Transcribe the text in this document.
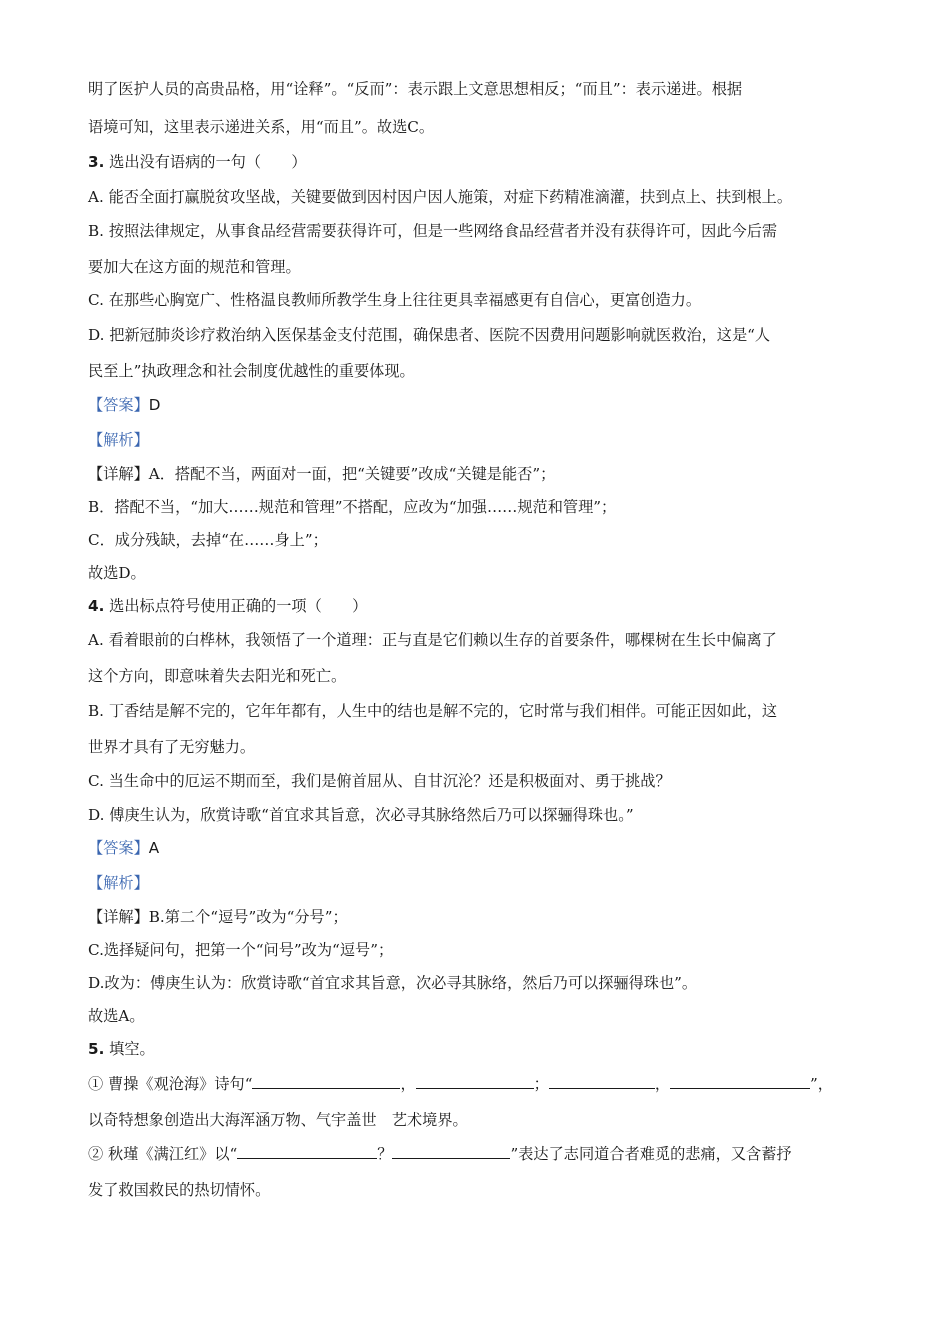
明了医护人员的高贵品格，用“诠释”。“反而”：表示跟上文意思想相反；“而且”：表示递进。根据
语境可知，这里表示递进关系，用“而且”。故选C。
3. 选出没有语病的一句（　　）
A. 能否全面打赢脱贫攻坚战，关键要做到因村因户因人施策，对症下药精准滴灌，扶到点上、扶到根上。
B. 按照法律规定，从事食品经营需要获得许可，但是一些网络食品经营者并没有获得许可，因此今后需
要加大在这方面的规范和管理。
C. 在那些心胸宽广、性格温良教师所教学生身上往往更具幸福感更有自信心，更富创造力。
D. 把新冠肺炎诊疗救治纳入医保基金支付范围，确保患者、医院不因费用问题影响就医救治，这是“人
民至上”执政理念和社会制度优越性的重要体现。
【答案】D
【解析】
【详解】A．搭配不当，两面对一面，把“关键要”改成“关键是能否”；
B．搭配不当，“加大……规范和管理”不搭配，应改为“加强……规范和管理”；
C．成分残缺，去掉“在……身上”；
故选D。
4. 选出标点符号使用正确的一项（　　）
A. 看着眼前的白桦林，我领悟了一个道理：正与直是它们赖以生存的首要条件，哪棵树在生长中偏离了
这个方向，即意味着失去阳光和死亡。
B. 丁香结是解不完的，它年年都有，人生中的结也是解不完的，它时常与我们相伴。可能正因如此，这
世界才具有了无穷魅力。
C. 当生命中的厄运不期而至，我们是俯首屈从、自甘沉沦？还是积极面对、勇于挑战？
D. 傅庚生认为，欣赏诗歌“首宜求其旨意，次必寻其脉络然后乃可以探骊得珠也。”
【答案】A
【解析】
【详解】B.第二个“逗号”改为“分号”；
C.选择疑问句，把第一个“问号”改为“逗号”；
D.改为：傅庚生认为：欣赏诗歌“首宜求其旨意，次必寻其脉络，然后乃可以探骊得珠也”。
故选A。
5. 填空。
① 曹操《观沧海》诗句“	，	；	，	”，
以奇特想象创造出大海浑涵万物、气宇盖世　艺术境界。
② 秋瑾《满江红》以“	？	”表达了志同道合者难觅的悲痛，又含蓄抒
发了救国救民的热切情怀。
